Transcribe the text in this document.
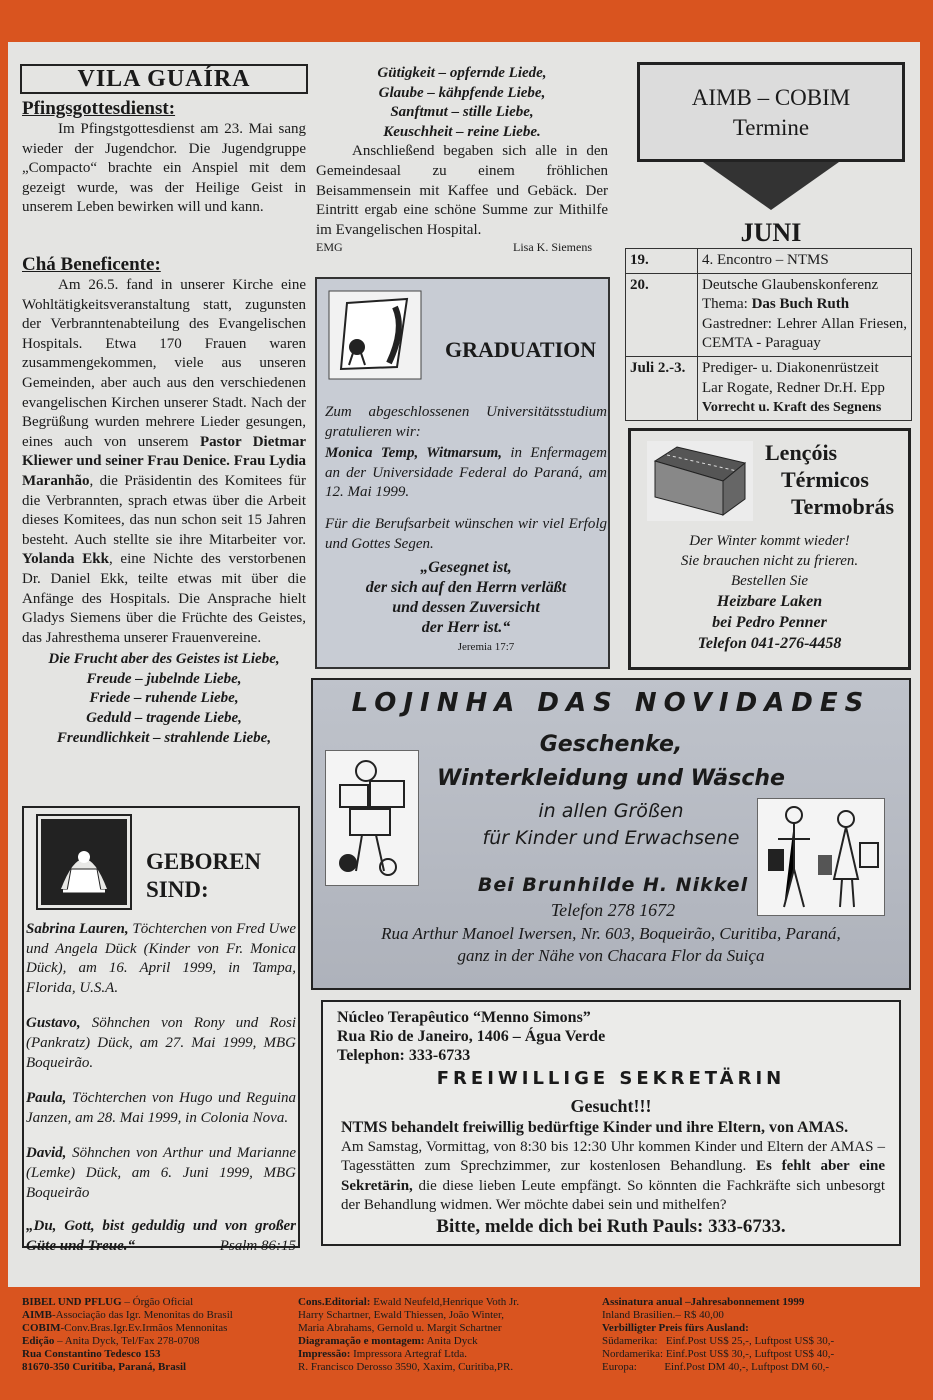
VILA GUAÍRA
Pfingsgottesdienst:

Im Pfingstgottesdienst am 23. Mai sang wieder der Jugendchor. Die Jugendgruppe „Compacto“ brachte ein Anspiel mit dem gezeigt wurde, was der Heilige Geist in unserem Leben bewirken will und kann.

Chá Beneficente:

Am 26.5. fand in unserer Kirche eine Wohltätigkeitsveranstaltung statt, zugunsten der Verbranntenabteilung des Evangelischen Hospitals. Etwa 170 Frauen waren zusammengekommen, viele aus unseren Gemeinden, aber auch aus den verschiedenen evangelischen Kirchen unserer Stadt. Nach der Begrüßung wurden mehrere Lieder gesungen, eines auch von unserem Pastor Dietmar Kliewer und seiner Frau Denice. Frau Lydia Maranhão, die Präsidentin des Komitees für die Verbrannten, sprach etwas über die Arbeit dieses Komitees, das nun schon seit 15 Jahren besteht. Auch stellte sie ihre Mitarbeiter vor. Yolanda Ekk, eine Nichte des verstorbenen Dr. Daniel Ekk, teilte etwas mit über die Anfänge des Hospitals. Die Ansprache hielt Gladys Siemens über die Früchte des Geistes, das Jahresthema unserer Frauenvereine.

Die Frucht aber des Geistes ist Liebe,
Freude – jubelnde Liebe,
Friede – ruhende Liebe,
Geduld – tragende Liebe,
Freundlichkeit – strahlende Liebe,
GEBOREN
SIND:

Sabrina Lauren, Töchterchen von Fred Uwe und Angela Dück (Kinder von Fr. Monica Dück), am 16. April 1999, in Tampa, Florida, U.S.A.

Gustavo, Söhnchen von Rony und Rosi (Pankratz) Dück, am 27. Mai 1999, MBG Boqueirão.

Paula, Töchterchen von Hugo und Reguina Janzen, am 28. Mai 1999, in Colonia Nova.

David, Söhnchen von Arthur und Marianne (Lemke) Dück, am 6. Juni 1999, MBG Boqueirão

„Du, Gott, bist geduldig und von großer Güte und Treue.“	Psalm 86:15

Gütigkeit – opfernde Liede,
Glaube – kähpfende Liebe,
Sanftmut – stille Liebe,
Keuschheit – reine Liebe.

Anschließend begaben sich alle in den Gemeindesaal zu einem fröhlichen Beisammensein mit Kaffee und Gebäck. Der Eintritt ergab eine schöne Summe zur Mithilfe im Evangelischen Hospital.

EMG	Lisa K. Siemens
GRADUATION

Zum abgeschlossenen Universitätsstudium gratulieren wir:

Monica Temp, Witmarsum, in Enfermagem an der Universidade Federal do Paraná, am 12. Mai 1999.

Für die Berufsarbeit wünschen wir viel Erfolg und Gottes Segen.

„Gesegnet ist,
der sich auf den Herrn verläßt
und dessen Zuversicht
der Herr ist.“
Jeremia 17:7
AIMB – COBIM
Termine
JUNI
19.	4. Encontro – NTMS
20.	Deutsche Glaubenskonferenz
Thema: Das Buch Ruth
Gastredner: Lehrer Allan Friesen, CEMTA - Paraguay

Juli 2.-3.	Prediger- u. Diakonenrüstzeit
Lar Rogate, Redner Dr.H. Epp
Vorrecht u. Kraft des Segnens
Lençóis
Térmicos
Termobrás
Der Winter kommt wieder!
Sie brauchen nicht zu frieren.
Bestellen Sie
Heizbare Laken
bei Pedro Penner
Telefon 041-276-4458
LOJINHA DAS NOVIDADES
Geschenke,
Winterkleidung und Wäsche
in allen Größen
für Kinder und Erwachsene
Bei Brunhilde H. Nikkel
Telefon 278 1672
Rua Arthur Manoel Iwersen, Nr. 603, Boqueirão, Curitiba, Paraná,
ganz in der Nähe von Chacara Flor da Suiça
Núcleo Terapêutico “Menno Simons”
Rua Rio de Janeiro, 1406 – Água Verde
Telephon: 333-6733
FREIWILLIGE SEKRETÄRIN
Gesucht!!!

NTMS behandelt freiwillig bedürftige Kinder und ihre Eltern, von AMAS.

Am Samstag, Vormittag, von 8:30 bis 12:30 Uhr kommen Kinder und Eltern der AMAS – Tagesstätten zum Sprechzimmer, zur kostenlosen Behandlung. Es fehlt aber eine Sekretärin, die diese lieben Leute empfängt. So könnten die Fachkräfte sich unbesorgt der Behandlung widmen. Wer möchte dabei sein und mithelfen?

Bitte, melde dich bei Ruth Pauls: 333-6733.
BIBEL UND PFLUG – Órgão Oficial
AIMB-Associação das Igr. Menonitas do Brasil
COBIM-Conv.Bras.Igr.Ev.Irmãos Mennonitas
Edição – Anita Dyck, Tel/Fax 278-0708
Rua Constantino Tedesco 153
81670-350 Curitiba, Paraná, Brasil
Cons.Editorial: Ewald Neufeld,Henrique Voth Jr.
Harry Schartner, Ewald Thiessen, João Winter,
Maria Abrahams, Gernold u. Margit Schartner
Diagramação e montagem: Anita Dyck
Impressão: Impressora Artegraf Ltda.
R. Francisco Derosso 3590, Xaxim, Curitiba,PR.
Assinatura anual –Jahresabonnement 1999
Inland Brasilien.– R$ 40,00
Verbilligter Preis fürs Ausland:
Südamerika:   Einf.Post US$ 25,-, Luftpost US$ 30,-
Nordamerika: Einf.Post US$ 30,-, Luftpost US$ 40,-
Europa:          Einf.Post DM 40,-, Luftpost DM 60,-
